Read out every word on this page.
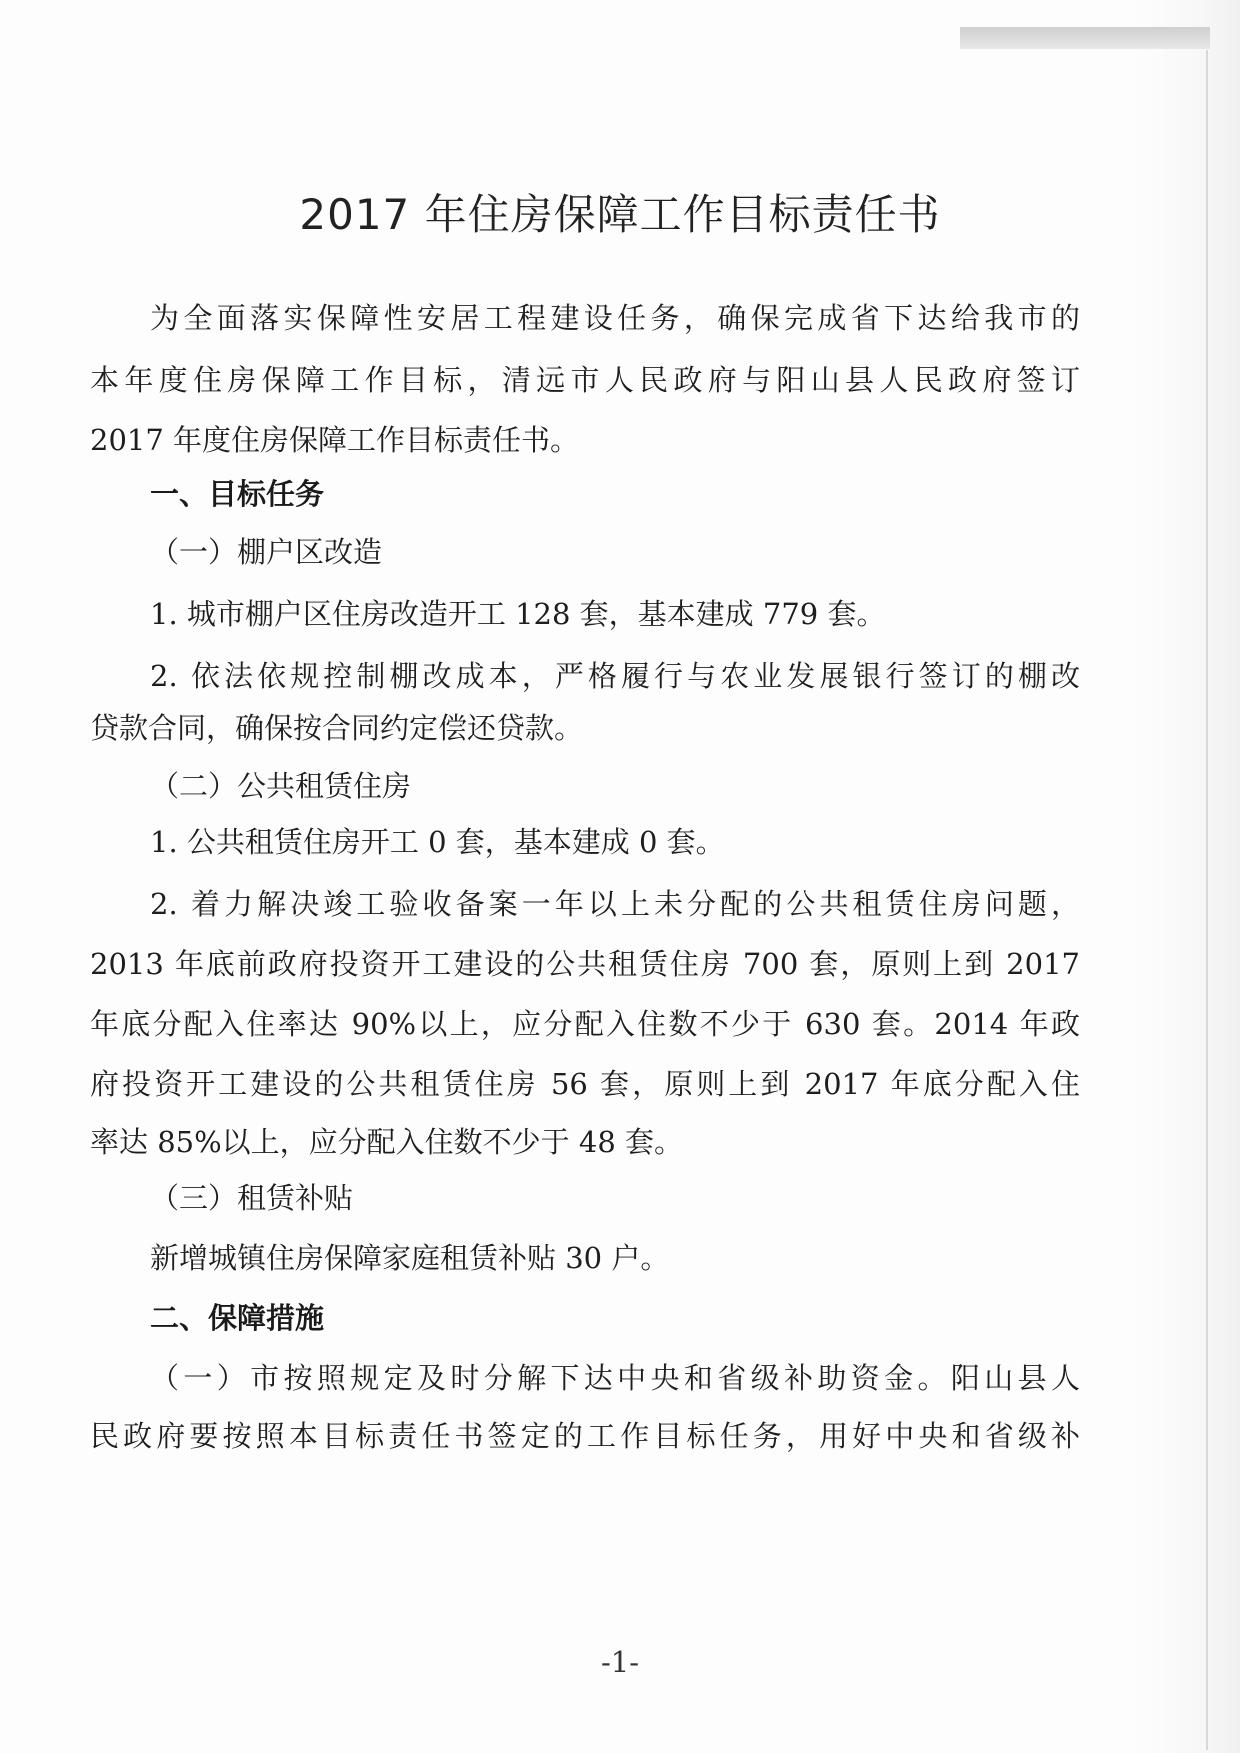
2017 年住房保障工作目标责任书
为全面落实保障性安居工程建设任务，确保完成省下达给我市的
本年度住房保障工作目标，清远市人民政府与阳山县人民政府签订
2017 年度住房保障工作目标责任书。
一、目标任务
（一）棚户区改造
1. 城市棚户区住房改造开工 128 套，基本建成 779 套。
2. 依法依规控制棚改成本，严格履行与农业发展银行签订的棚改
贷款合同，确保按合同约定偿还贷款。
（二）公共租赁住房
1. 公共租赁住房开工 0 套，基本建成 0 套。
2. 着力解决竣工验收备案一年以上未分配的公共租赁住房问题，
2013 年底前政府投资开工建设的公共租赁住房 700 套，原则上到 2017
年底分配入住率达 90%以上，应分配入住数不少于 630 套。2014 年政
府投资开工建设的公共租赁住房 56 套，原则上到 2017 年底分配入住
率达 85%以上，应分配入住数不少于 48 套。
（三）租赁补贴
新增城镇住房保障家庭租赁补贴 30 户。
二、保障措施
（一）市按照规定及时分解下达中央和省级补助资金。阳山县人
民政府要按照本目标责任书签定的工作目标任务，用好中央和省级补
-1-
